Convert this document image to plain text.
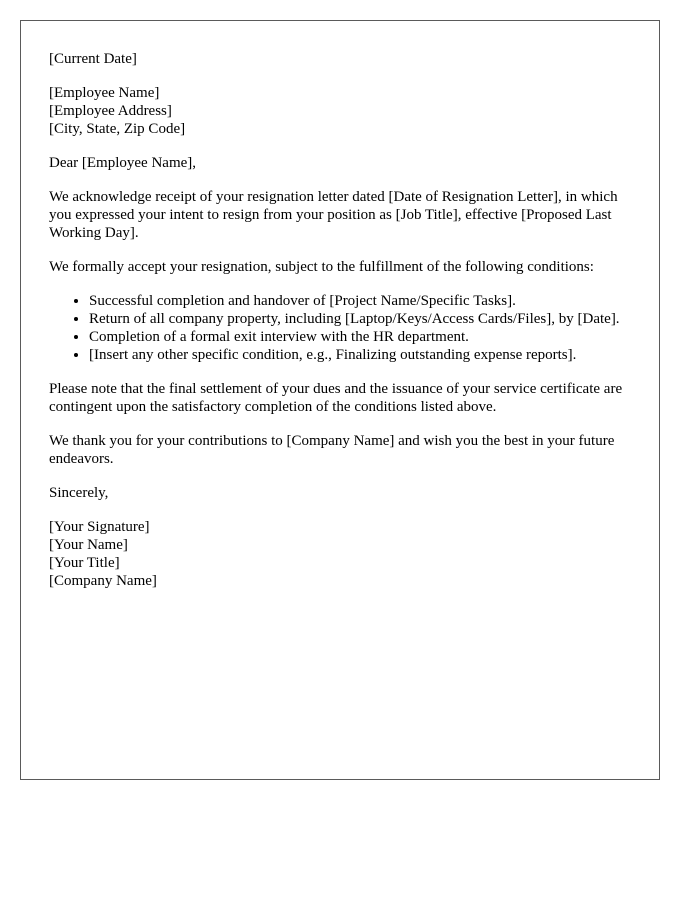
[Current Date]

[Employee Name]

[Employee Address]

[City, State, Zip Code]

Dear [Employee Name],

We acknowledge receipt of your resignation letter dated [Date of Resignation Letter], in which you expressed your intent to resign from your position as [Job Title], effective [Proposed Last Working Day].

We formally accept your resignation, subject to the fulfillment of the following conditions:

• Successful completion and handover of [Project Name/Specific Tasks].
• Return of all company property, including [Laptop/Keys/Access Cards/Files], by [Date].
• Completion of a formal exit interview with the HR department.
• [Insert any other specific condition, e.g., Finalizing outstanding expense reports].

Please note that the final settlement of your dues and the issuance of your service certificate are contingent upon the satisfactory completion of the conditions listed above.

We thank you for your contributions to [Company Name] and wish you the best in your future endeavors.

Sincerely,

[Your Signature]

[Your Name]

[Your Title]

[Company Name]
